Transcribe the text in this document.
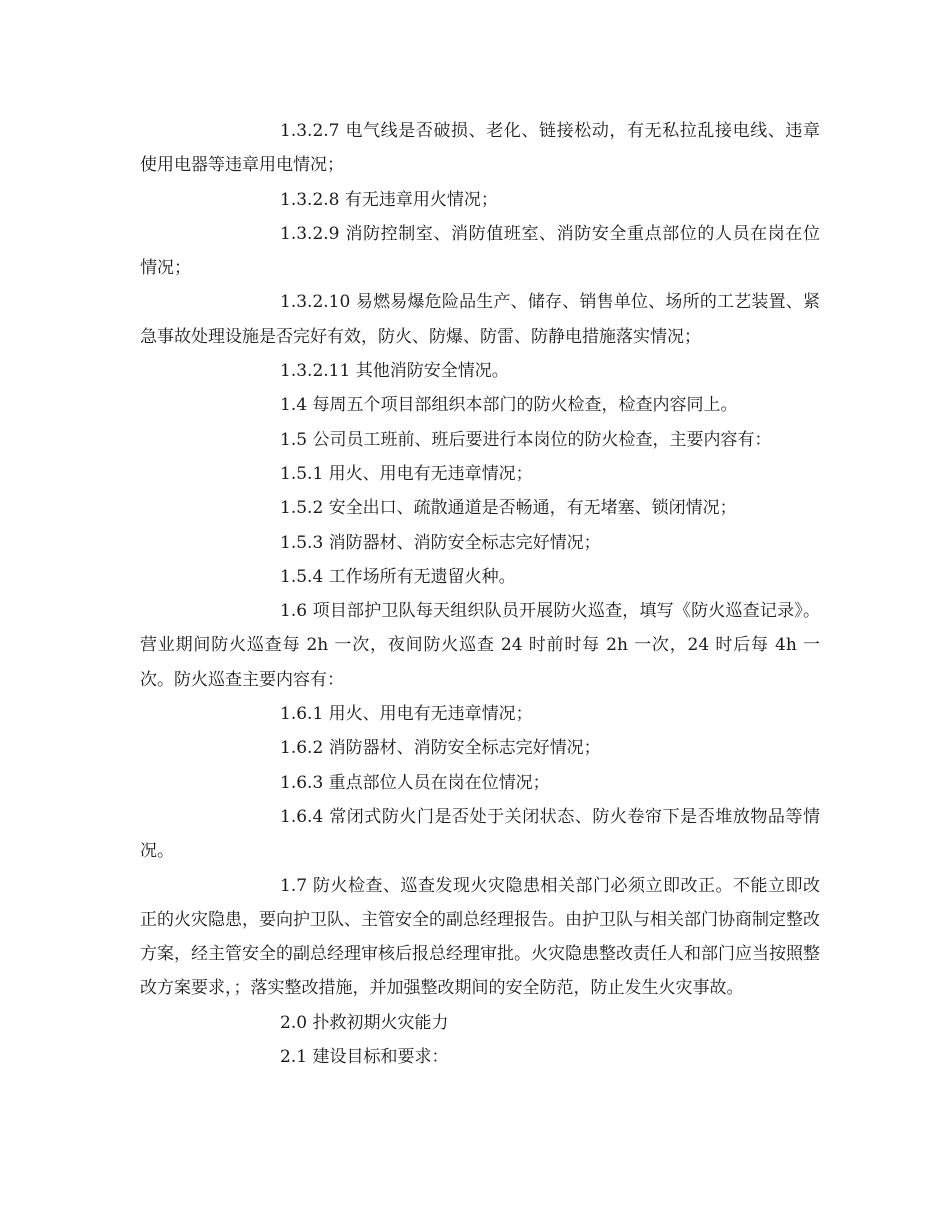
1.3.2.7 电气线是否破损、老化、链接松动，有无私拉乱接电线、违章使用电器等违章用电情况；

1.3.2.8 有无违章用火情况；

1.3.2.9 消防控制室、消防值班室、消防安全重点部位的人员在岗在位情况；

1.3.2.10 易燃易爆危险品生产、储存、销售单位、场所的工艺装置、紧急事故处理设施是否完好有效，防火、防爆、防雷、防静电措施落实情况；

1.3.2.11 其他消防安全情况。

1.4 每周五个项目部组织本部门的防火检查，检查内容同上。

1.5 公司员工班前、班后要进行本岗位的防火检查，主要内容有：

1.5.1 用火、用电有无违章情况；

1.5.2 安全出口、疏散通道是否畅通，有无堵塞、锁闭情况；

1.5.3 消防器材、消防安全标志完好情况；

1.5.4 工作场所有无遗留火种。

1.6 项目部护卫队每天组织队员开展防火巡查，填写《防火巡查记录》。营业期间防火巡查每 2h 一次，夜间防火巡查 24 时前时每 2h 一次，24 时后每 4h 一次。防火巡查主要内容有：

1.6.1 用火、用电有无违章情况；

1.6.2 消防器材、消防安全标志完好情况；

1.6.3 重点部位人员在岗在位情况；

1.6.4 常闭式防火门是否处于关闭状态、防火卷帘下是否堆放物品等情况。

1.7 防火检查、巡查发现火灾隐患相关部门必须立即改正。不能立即改正的火灾隐患，要向护卫队、主管安全的副总经理报告。由护卫队与相关部门协商制定整改方案，经主管安全的副总经理审核后报总经理审批。火灾隐患整改责任人和部门应当按照整改方案要求，；落实整改措施，并加强整改期间的安全防范，防止发生火灾事故。

2.0 扑救初期火灾能力

2.1 建设目标和要求：
